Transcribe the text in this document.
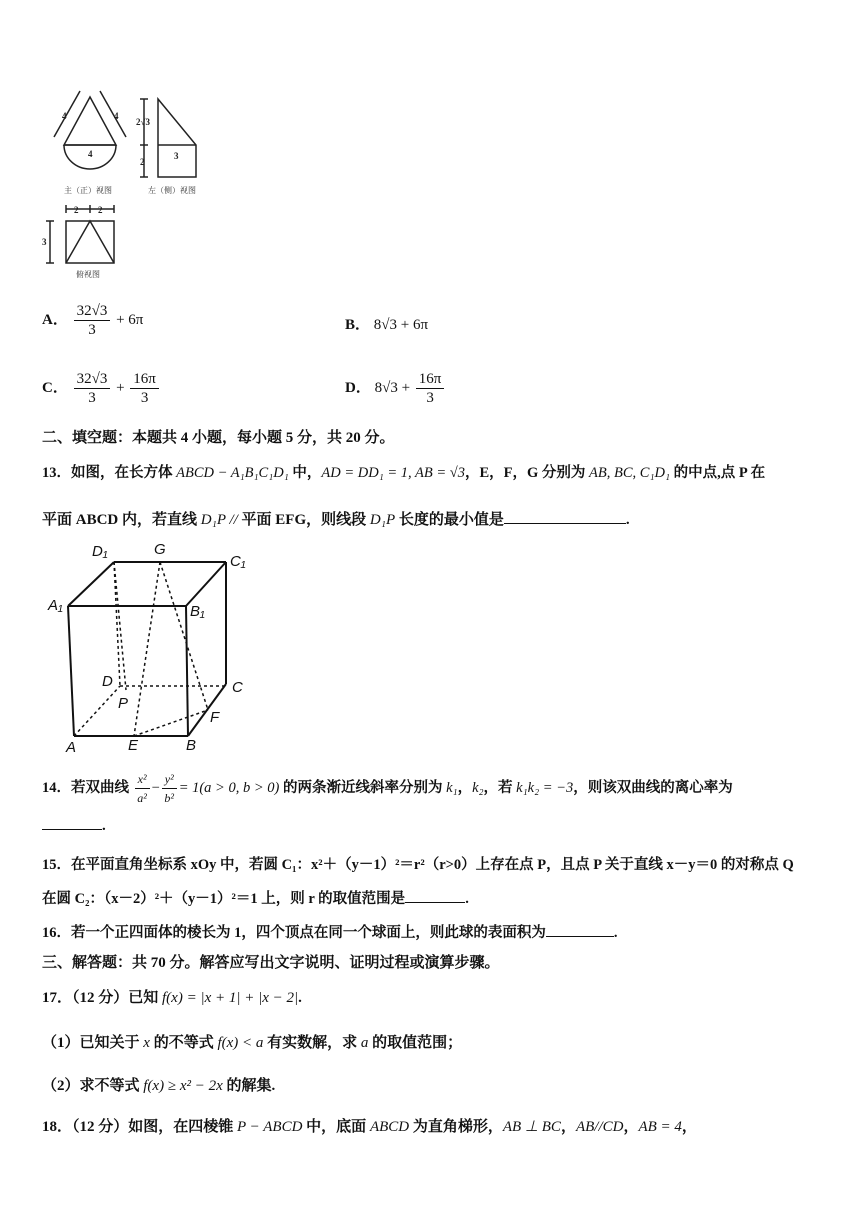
4	4
4
2√3
2
3
2 2
3
主（正）视图	左（侧）视图
俯视图
A． $\frac{32√3}{3} + 6\pi$	B． 8√3 + 6π
C． $\frac{32√3}{3} + \frac{16\pi}{3}$	D． $8√3 + \frac{16\pi}{3}$
二、填空题：本题共 4 小题，每小题 5 分，共 20 分。
13．如图，在长方体 ABCD − A₁B₁C₁D₁ 中，AD = DD₁ = 1, AB = √3，E，F，G 分别为 AB, BC, C₁D₁ 的中点,点 P 在
平面 ABCD 内，若直线 D₁P // 平面 EFG，则线段 D₁P 长度的最小值是	.
D₁	G
C₁
A₁	B₁
D	C
P
F
A	E	B
14．若双曲线 $\frac{\text{x²}}{\text{a²}} - \frac{\text{y²}}{\text{b²}} = 1(a > 0$, b > 0) 的两条渐近线斜率分别为 k₁，k₂，若 k₁k₂ = −3，则该双曲线的离心率为
.
15．在平面直角坐标系 xOy 中，若圆 C₁：x²＋（y－1）²＝r²（r>0）上存在点 P，且点 P 关于直线 x－y＝0 的对称点 Q
在圆 C₂：（x－2）²＋（y－1）²＝1 上，则 r 的取值范围是	.
16．若一个正四面体的棱长为 1，四个顶点在同一个球面上，则此球的表面积为	.
三、解答题：共 70 分。解答应写出文字说明、证明过程或演算步骤。
17．（12 分）已知 f(x) = |x + 1| + |x − 2|.
（1）已知关于 x 的不等式 f(x) < a 有实数解，求 a 的取值范围；
（2）求不等式 f(x) ≥ x² − 2x 的解集.
18．（12 分）如图，在四棱锥 P − ABCD 中，底面 ABCD 为直角梯形，AB ⊥ BC，AB//CD，AB = 4，
